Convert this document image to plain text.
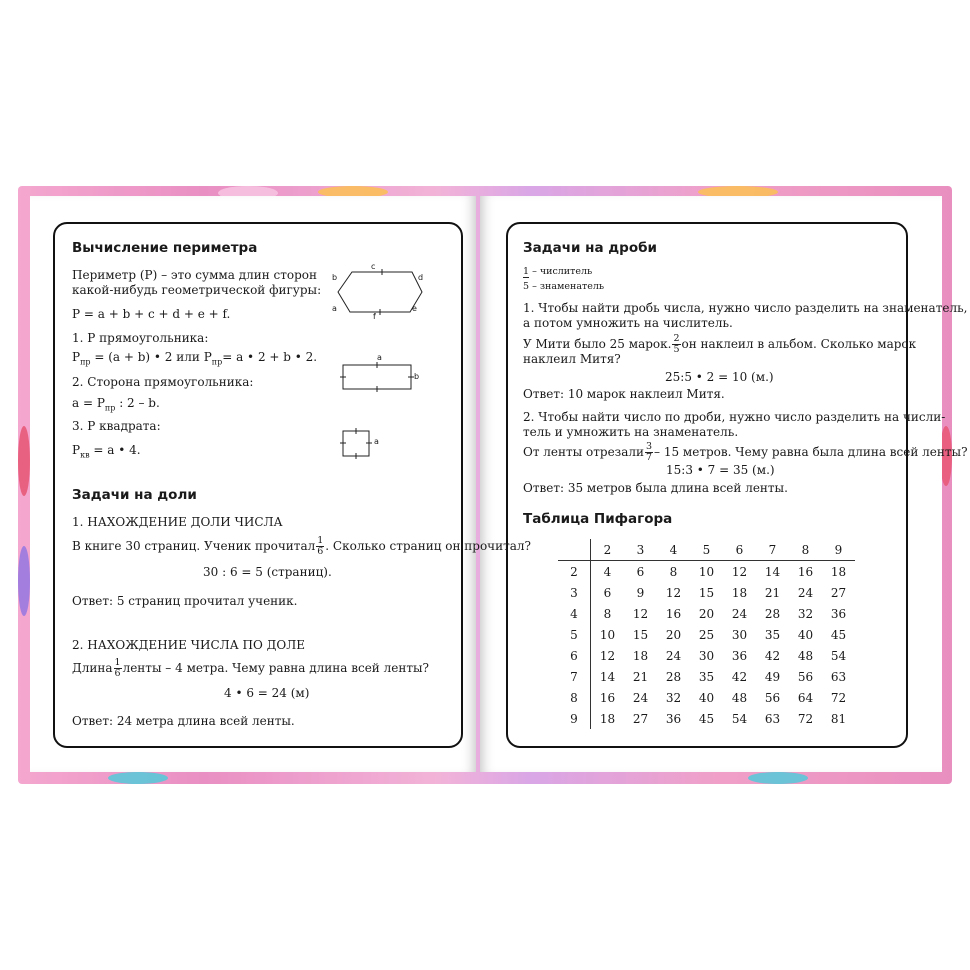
Вычисление периметра
Периметр (Р) – это сумма длин сторон
какой-нибудь геометрической фигуры:
Р = a + b + c + d + e + f.
1. Р прямоугольника:
$Р_{пр} = (a + b)$ • 2 или $Р_{пр}= a$ • 2 + b • 2.
2. Сторона прямоугольника:
$a = Р_{пр}$ : 2 – b.
3. Р квадрата:
$Р_{кв} = a$ • 4.
c
b	d
a	e
f
a
b
a
Задачи на доли
1. НАХОЖДЕНИЕ ДОЛИ ЧИСЛА
В книге 30 страниц. Ученик прочитал $\frac{1}{6}$ . Сколько страниц он прочитал?
30 : 6 = 5 (страниц).
Ответ: 5 страниц прочитал ученик.
2. НАХОЖДЕНИЕ ЧИСЛА ПО ДОЛЕ
Длина $\frac{1}{6}$ ленты – 4 метра. Чему равна длина всей ленты?
4 • 6 = 24 (м)
Ответ: 24 метра длина всей ленты.
Задачи на дроби
1 – числитель
5 – знаменатель
1. Чтобы найти дробь числа, нужно число разделить на знаменатель,
а потом умножить на числитель.
У Мити было 25 марок. $\frac{2}{5}$ он наклеил в альбом. Сколько марок
наклеил Митя?
25:5 • 2 = 10 (м.)
Ответ: 10 марок наклеил Митя.
2. Чтобы найти число по дроби, нужно число разделить на числи-
тель и умножить на знаменатель.
От ленты отрезали $\frac{3}{7} - 15$ метров. Чему равна была длина всей ленты?
15:3 • 7 = 35 (м.)
Ответ: 35 метров была длина всей ленты.
Таблица Пифагора
	2	3	4	5	6	7	8	9
2	4	6	8	10	12	14	16	18
3	6	9	12	15	18	21	24	27
4	8	12	16	20	24	28	32	36
5	10	15	20	25	30	35	40	45
6	12	18	24	30	36	42	48	54
7	14	21	28	35	42	49	56	63
8	16	24	32	40	48	56	64	72
9	18	27	36	45	54	63	72	81
